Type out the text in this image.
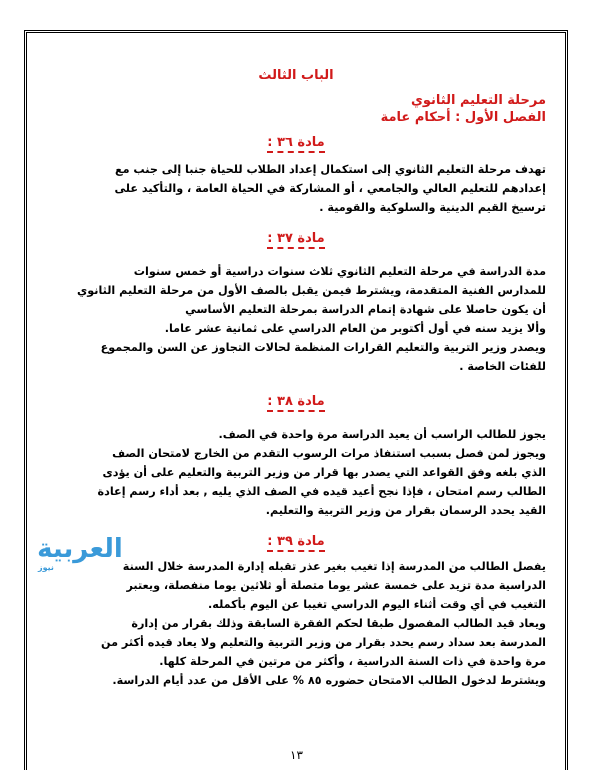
الباب الثالث
مرحلة التعليم الثانوي
الفصل الأول : أحكام عامة
مادة ٣٦ :

تهدف مرحلة التعليم الثانوي إلى استكمال إعداد الطلاب للحياة جنبا إلى جنب مع
إعدادهم للتعليم العالي والجامعي ، أو المشاركة في الحياة العامة ، والتأكيد على
ترسيخ القيم الدينية والسلوكية والقومية .

مادة ٣٧ :

مدة الدراسة في مرحلة التعليم الثانوي ثلاث سنوات دراسية أو خمس سنوات
للمدارس الفنية المتقدمة، ويشترط فيمن يقبل بالصف الأول من مرحلة التعليم الثانوي
أن يكون حاصلا على شهادة إتمام الدراسة بمرحلة التعليم الأساسي
وألا يزيد سنه في أول أكتوبر من العام الدراسي على ثمانية عشر عاما.
ويصدر وزير التربية والتعليم القرارات المنظمة لحالات التجاوز عن السن والمجموع
للفئات الخاصة .

مادة ٣٨ :

يجوز للطالب الراسب أن يعيد الدراسة مرة واحدة في الصف.
ويجوز لمن فصل بسبب استنفاذ مرات الرسوب التقدم من الخارج لامتحان الصف
الذي بلغه وفق القواعد التي يصدر بها قرار من وزير التربية والتعليم على أن يؤدى
الطالب رسم امتحان ، فإذا نجح أعيد قيده في الصف الذي يليه , بعد أداء رسم إعادة
القيد يحدد الرسمان بقرار من وزير التربية والتعليم.

مادة ٣٩ :

يفصل الطالب من المدرسة إذا تغيب بغير عذر تقبله إدارة المدرسة خلال السنة
الدراسية مدة تزيد على خمسة عشر يوما متصلة أو ثلاثين يوما منفصلة، ويعتبر
التغيب في أي وقت أثناء اليوم الدراسي تغيبا عن اليوم بأكمله.
ويعاد قيد الطالب المفصول طبقا لحكم الفقرة السابقة وذلك بقرار من إدارة
المدرسة بعد سداد رسم يحدد بقرار من وزير التربية والتعليم ولا يعاد قيده أكثر من
مرة واحدة في ذات السنة الدراسية ، وأكثر من مرتين في المرحلة كلها.
ويشترط لدخول الطالب الامتحان حضوره ٨٥ % على الأقل من عدد أيام الدراسة.

العربية
نيوز
١٣
